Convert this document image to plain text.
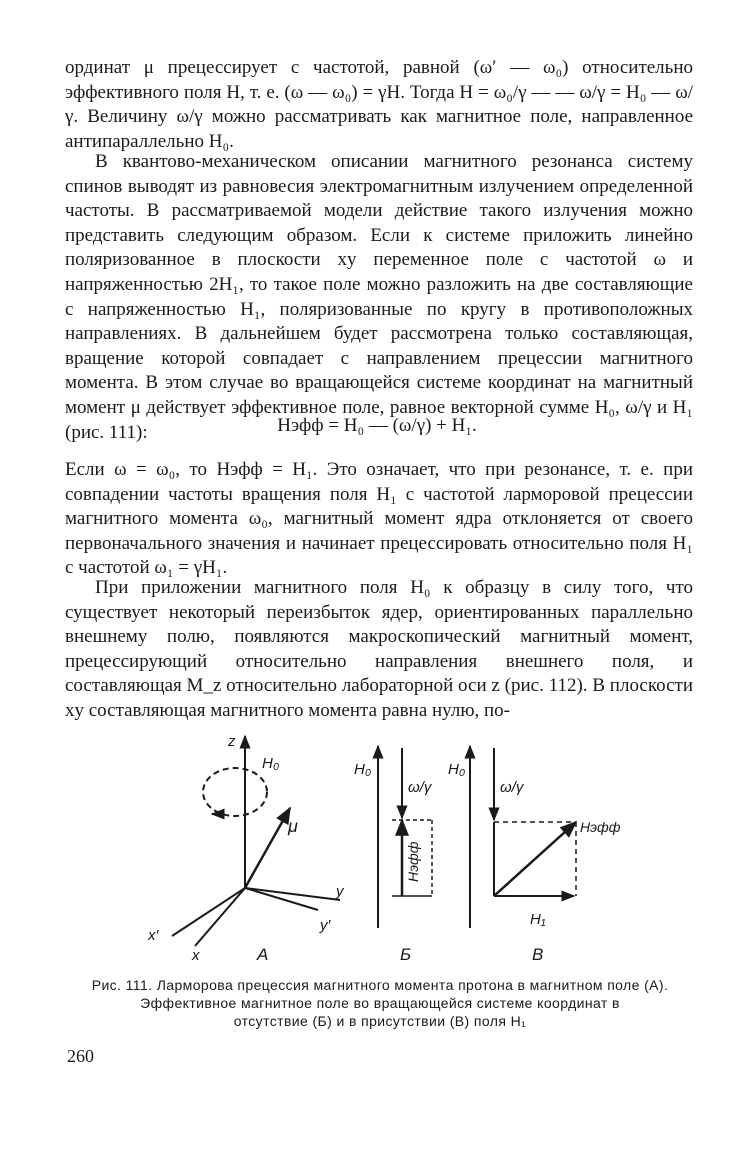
ординат μ прецессирует с частотой, равной (ω′ — ω₀) относительно эффективного поля H, т. е. (ω — ω₀) = γH. Тогда H = ω₀/γ — — ω/γ = H₀ — ω/γ. Величину ω/γ можно рассматривать как магнитное поле, направленное антипараллельно H₀.

В квантово-механическом описании магнитного резонанса систему спинов выводят из равновесия электромагнитным излучением определенной частоты. В рассматриваемой модели действие такого излучения можно представить следующим образом. Если к системе приложить линейно поляризованное в плоскости xy переменное поле с частотой ω и напряженностью 2H₁, то такое поле можно разложить на две составляющие с напряженностью H₁, поляризованные по кругу в противоположных направлениях. В дальнейшем будет рассмотрена только составляющая, вращение которой совпадает с направлением прецессии магнитного момента. В этом случае во вращающейся системе координат на магнитный момент μ действует эффективное поле, равное векторной сумме H₀, ω/γ и H₁ (рис. 111):	Hэфф = H₀ — (ω/γ) + H₁.

Если ω = ω₀, то Hэфф = H₁. Это означает, что при резонансе, т. е. при совпадении частоты вращения поля H₁ с частотой ларморовой прецессии магнитного момента ω₀, магнитный момент ядра отклоняется от своего первоначального значения и начинает прецессировать относительно поля H₁ с частотой ω₁ = γH₁.

При приложении магнитного поля H₀ к образцу в силу того, что существует некоторый переизбыток ядер, ориентированных параллельно внешнему полю, появляются макроскопический магнитный момент, прецессирующий относительно направления внешнего поля, и составляющая M_z относительно лабораторной оси z (рис. 112). В плоскости xy составляющая магнитного момента равна нулю, по-

z
H₀
μ
x′
x
y
y′
А
H₀
ω/γ
Hэфф
Б
H₀
ω/γ
Hэфф
H₁
В
Рис. 111. Ларморова прецессия магнитного момента протона в магнитном поле (А). Эффективное магнитное поле во вращающейся системе координат в
отсутствие (Б) и в присутствии (В) поля H₁

260
